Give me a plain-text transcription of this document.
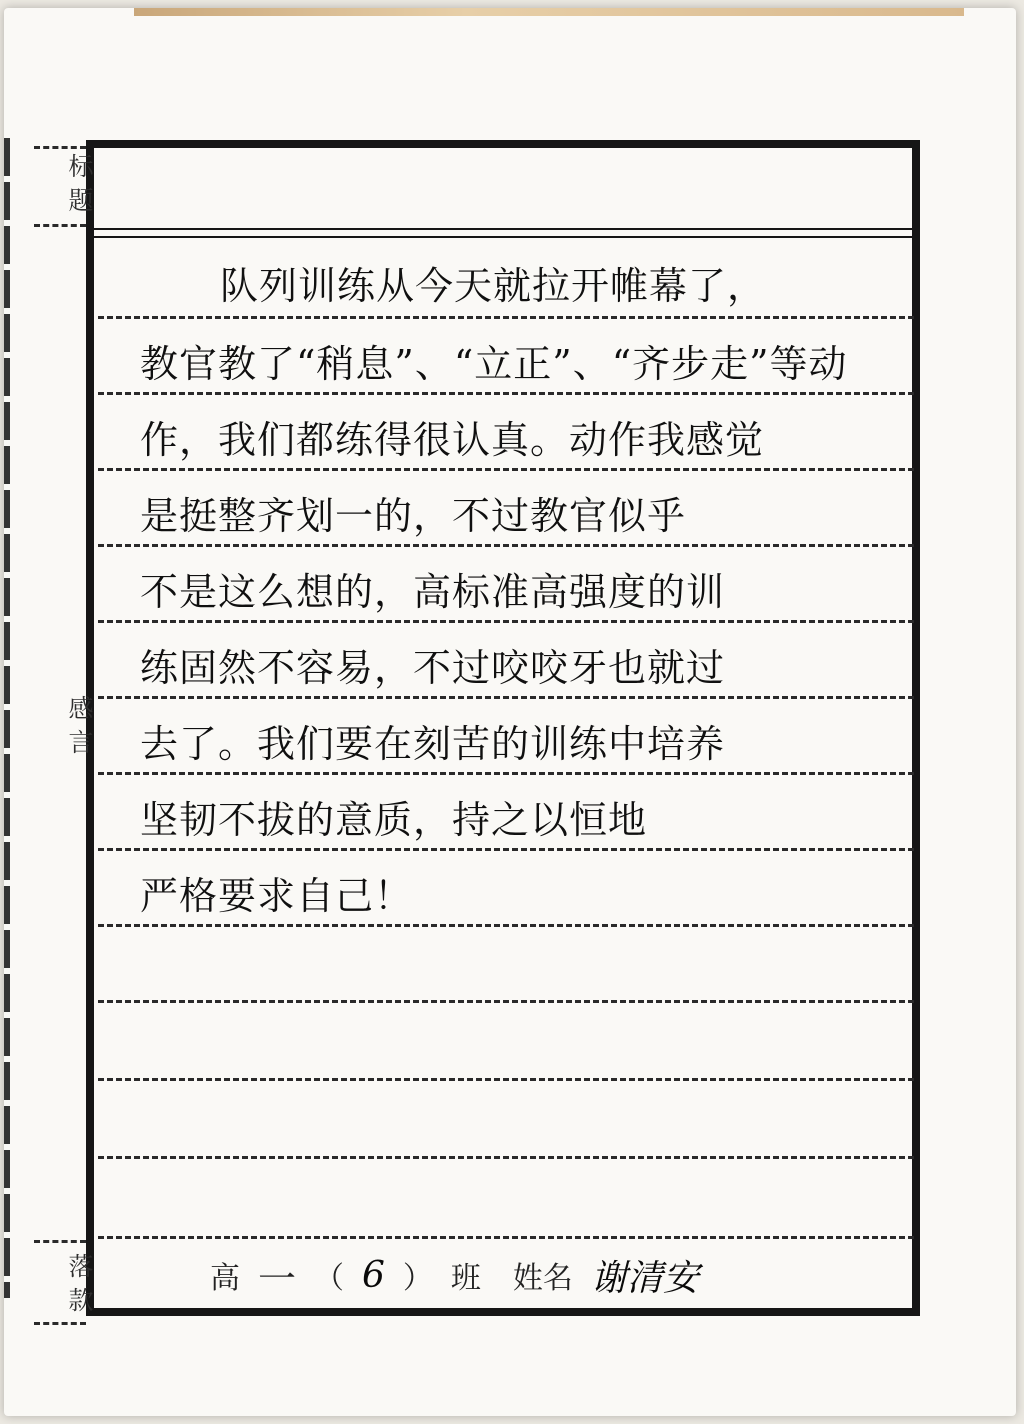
标题
感言
队列训练从今天就拉开帷幕了，
教官教了“稍息”、“立正”、“齐步走”等动
作，我们都练得很认真。动作我感觉
是挺整齐划一的，不过教官似乎
不是这么想的，高标准高强度的训
练固然不容易，不过咬咬牙也就过
去了。我们要在刻苦的训练中培养
坚韧不拔的意质，持之以恒地
严格要求自己！
落款
高 一 （ 6 ） 班 姓名 谢清安
